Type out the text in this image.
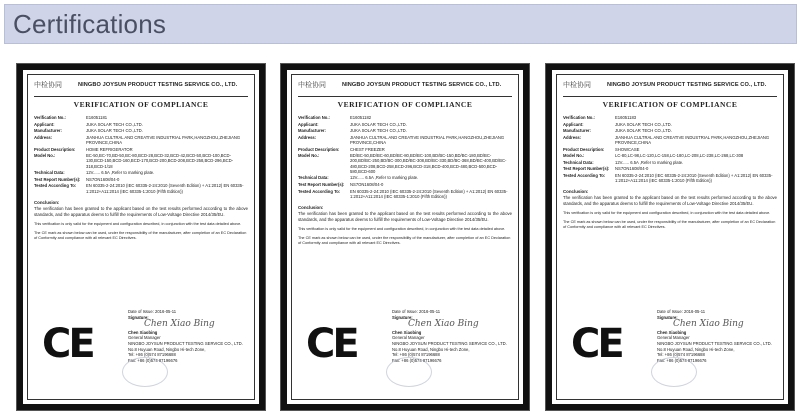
Certifications
中检协同	NINGBO JOYSUN PRODUCT TESTING SERVICE CO., LTD.
VERIFICATION OF COMPLIANCE
Verification No.:	E16051181
Applicant:	JUKA SOLAR TECH CO.,LTD.
Manufacturer:	JUKA SOLAR TECH CO.,LTD.
Address:	JIANHUA CULTRAL AND CREATIVE INDUSTRIAL PARK,HANGZHOU,ZHEJIANG PROVINCE,CHINA
Product Description:	HOME REFRIGERATOR
Model No.:	BC-50,BC-70,BD-50,BC-80,BCD-28,BCD-32,BCD-42,BCD-50,BCD-100,BCD-130,BCD-150,BCD-160,BCD-170,BCD-200,BCD-208,BCD-258,BCD-296,BCD-318,BCD-1/18
Technical Data:	12V...... 6.5A ,Refer to marking plate.
Test Report Number(s):	NS7ON1608/04-0
Tested According To:	EN 60335-2-24:2010 (IEC 60335-2-24:2010 (Seventh Edition) + A1:2012) EN 60335-1:2012+A11:2014 (IEC 60335-1:2010 (Fifth Edition))
Conclusion:
The verification has been granted to the applicant based on the test results performed according to the above standards, and the apparatus deems to fulfill the requirements of Low-Voltage Directive 2014/35/EU.
This verification is only valid for the equipment and configuration described, in conjunction with the test data detailed above.
The CE mark as shown below can be used, under the responsibility of the manufacturer, after completion of an EC Declaration of Conformity and compliance with all relevant EC Directives.
CE
Date of Issue: 2016-05-11
Signature:
Chen Xiao Bing
Chen Xiaobing
General Manager
NINGBO JOYSUN PRODUCT TESTING SERVICE CO., LTD.
No.8 Huyuan Road, Ningbo Hi-tech Zone,
Tel: +86 (0)574 87196688
Fax: +86 (0)574 87196676
中检协同	NINGBO JOYSUN PRODUCT TESTING SERVICE CO., LTD.
VERIFICATION OF COMPLIANCE
Verification No.:	E16051182
Applicant:	JUKA SOLAR TECH CO.,LTD.
Manufacturer:	JUKA SOLAR TECH CO.,LTD.
Address:	JIANHUA CULTRAL AND CREATIVE INDUSTRIAL PARK,HANGZHOU,ZHEJIANG PROVINCE,CHINA
Product Description:	CHEST FREEZER
Model No.:	BD/BC-50,BD/BC-60,BD/BC-80,BD/BC-100,BD/BC-150,BD/BC-180,BD/BC-200,BD/BC-250,BD/BC-300,BD/BC-308,BD/BC-330,BD/BC-368,BD/BC-400,BD/BC-480,BCD-208,BCD-258,BCD-296,BCD-318,BCD-400,BCD-480,BCD-500,BCD-580,BCD-600
Technical Data:	12V...... 6.5A ,Refer to marking plate.
Test Report Number(s):	NS7ON1608/04-0
Tested According To:	EN 60335-2-24:2010 (IEC 60335-2-24:2010 (Seventh Edition) + A1:2012) EN 60335-1:2012+A11:2014 (IEC 60335-1:2010 (Fifth Edition))
Conclusion:
The verification has been granted to the applicant based on the test results performed according to the above standards, and the apparatus deems to fulfill the requirements of Low-Voltage Directive 2014/35/EU.
This verification is only valid for the equipment and configuration described, in conjunction with the test data detailed above.
The CE mark as shown below can be used, under the responsibility of the manufacturer, after completion of an EC Declaration of Conformity and compliance with all relevant EC Directives.
CE
Date of Issue: 2016-05-11
Signature:
Chen Xiao Bing
Chen Xiaobing
General Manager
NINGBO JOYSUN PRODUCT TESTING SERVICE CO., LTD.
No.8 Huyuan Road, Ningbo Hi-tech Zone,
Tel: +86 (0)574 87196688
Fax: +86 (0)574 87196676
中检协同	NINGBO JOYSUN PRODUCT TESTING SERVICE CO., LTD.
VERIFICATION OF COMPLIANCE
Verification No.:	E16051183
Applicant:	JUKA SOLAR TECH CO.,LTD.
Manufacturer:	JUKA SOLAR TECH CO.,LTD.
Address:	JIANHUA CULTRAL AND CREATIVE INDUSTRIAL PARK,HANGZHOU,ZHEJIANG PROVINCE,CHINA
Product Description:	SHOWCASE
Model No.:	LC-80,LC-98,LC-120,LC-158,LC-180,LC-208,LC-238,LC-268,LC-308
Technical Data:	12V...... 6.5A ,Refer to marking plate.
Test Report Number(s):	NS7ON1608/04-0
Tested According To:	EN 60335-2-24:2010 (IEC 60335-2-24:2010 (Seventh Edition) + A1:2012) EN 60335-1:2012+A11:2014 (IEC 60335-1:2010 (Fifth Edition))
Conclusion:
The verification has been granted to the applicant based on the test results performed according to the above standards, and the apparatus deems to fulfill the requirements of Low-Voltage Directive 2014/35/EU.
This verification is only valid for the equipment and configuration described, in conjunction with the test data detailed above.
The CE mark as shown below can be used, under the responsibility of the manufacturer, after completion of an EC Declaration of Conformity and compliance with all relevant EC Directives.
CE
Date of Issue: 2016-05-11
Signature:
Chen Xiao Bing
Chen Xiaobing
General Manager
NINGBO JOYSUN PRODUCT TESTING SERVICE CO., LTD.
No.8 Huyuan Road, Ningbo Hi-tech Zone,
Tel: +86 (0)574 87196688
Fax: +86 (0)574 87196676
